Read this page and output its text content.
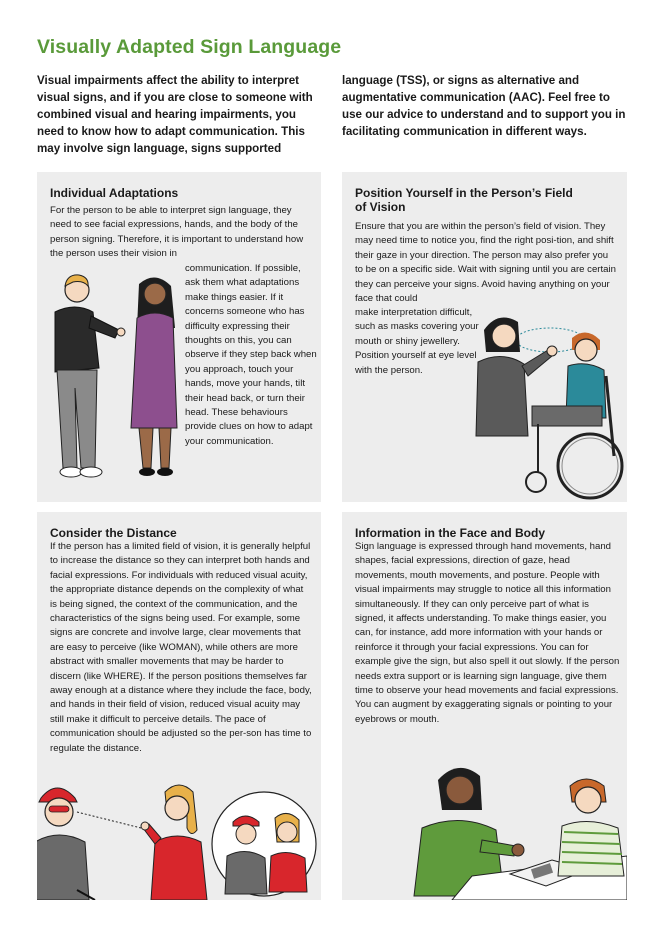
Visually Adapted Sign Language

Visual impairments affect the ability to interpret visual signs, and if you are close to someone with combined visual and hearing impairments, you need to know how to adapt communication. This may involve sign language, signs supported

language (TSS), or signs as alternative and augmentative communication (AAC). Feel free to use our advice to understand and to support you in facilitating communication in different ways.

Individual Adaptations
For the person to be able to interpret sign language, they need to see facial expressions, hands, and the body of the person signing. Therefore, it is important to understand how the person uses their vision in
communication. If possible, ask them what adaptations make things easier. If it concerns someone who has difficulty expressing their thoughts on this, you can observe if they step back when you approach, touch your hands, move your hands, tilt their head back, or turn their head. These behaviours provide clues on how to adapt your communication.
Position Yourself in the Person’s Field of Vision
Ensure that you are within the person’s field of vision. They may need time to notice you, find the right posi-tion, and shift their gaze in your direction. The person may also prefer you to be on a specific side. Wait with signing until you are certain they can perceive your signs. Avoid having anything on your face that could
make interpretation difficult, such as masks covering your mouth or shiny jewellery. Position yourself at eye level with the person.
Consider the Distance
If the person has a limited field of vision, it is generally helpful to increase the distance so they can interpret both hands and facial expressions. For individuals with reduced visual acuity, the appropriate distance depends on the complexity of what is being signed, the context of the communication, and the characteristics of the signs being used. For example, some signs are concrete and involve large, clear movements that are easy to perceive (like WOMAN), while others are more abstract with smaller movements that may be harder to discern (like WHERE). If the person positions themselves far away enough at a distance where they include the face, body, and hands in their field of vision, reduced visual acuity may still make it difficult to perceive details. The pace of communication should be adjusted so the per-son has time to regulate the distance.
Information in the Face and Body
Sign language is expressed through hand movements, hand shapes, facial expressions, direction of gaze, head movements, mouth movements, and posture. People with visual impairments may struggle to notice all this information simultaneously. If they can only perceive part of what is signed, it affects understanding. To make things easier, you can, for instance, add more information with your hands or reinforce it through your facial expressions. You can for example give the sign, but also spell it out slowly. If the person needs extra support or is learning sign language, give them time to observe your head movements and facial expressions. You can augment by exaggerating signals or pointing to your eyebrows or mouth.
